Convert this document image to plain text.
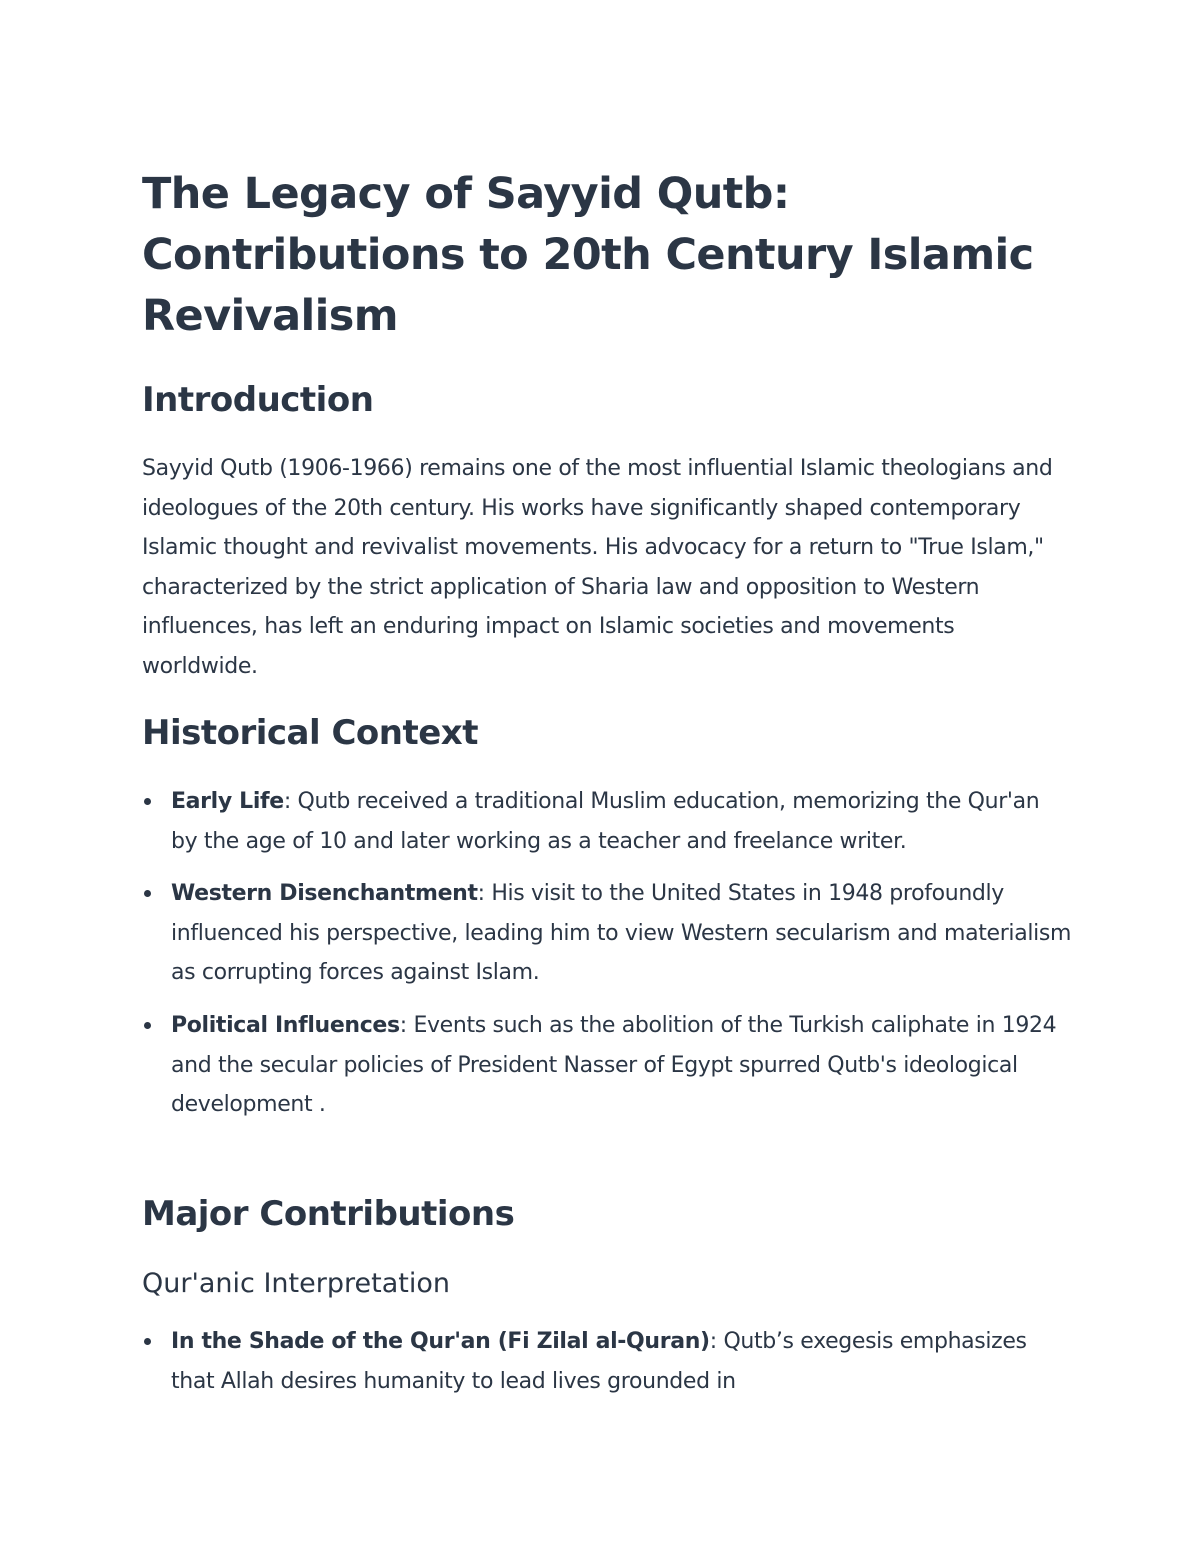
The Legacy of Sayyid Qutb: Contributions to 20th Century Islamic Revivalism
Introduction

Sayyid Qutb (1906-1966) remains one of the most influential Islamic theologians and ideologues of the 20th century. His works have significantly shaped contemporary Islamic thought and revivalist movements. His advocacy for a return to "True Islam," characterized by the strict application of Sharia law and opposition to Western influences, has left an enduring impact on Islamic societies and movements worldwide.

Historical Context
Early Life: Qutb received a traditional Muslim education, memorizing the Qur'an by the age of 10 and later working as a teacher and freelance writer.
Western Disenchantment: His visit to the United States in 1948 profoundly influenced his perspective, leading him to view Western secularism and materialism as corrupting forces against Islam.
Political Influences: Events such as the abolition of the Turkish caliphate in 1924 and the secular policies of President Nasser of Egypt spurred Qutb's ideological development .
Major Contributions
Qur'anic Interpretation
In the Shade of the Qur'an (Fi Zilal al-Quran): Qutb’s exegesis emphasizes that Allah desires humanity to lead lives grounded in
